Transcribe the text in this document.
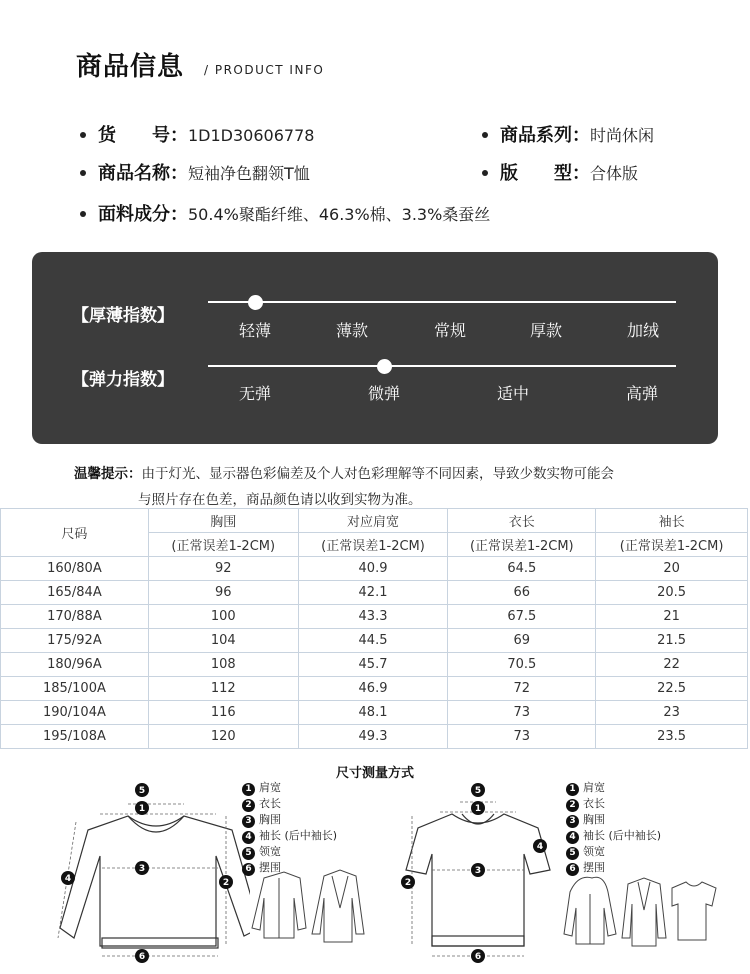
商品信息 / PRODUCT INFO
货　　号：1D1D30606778	商品系列：时尚休闲
商品名称：短袖净色翻领T恤	版　　型：合体版
面料成分：50.4%聚酯纤维、46.3%棉、3.3%桑蚕丝
【厚薄指数】
轻薄	薄款	常规	厚款	加绒
【弹力指数】
无弹	微弹	适中	高弹
温馨提示：由于灯光、显示器色彩偏差及个人对色彩理解等不同因素，导致少数实物可能会
与照片存在色差，商品颜色请以收到实物为准。
尺码	胸围	对应肩宽	衣长	袖长
	(正常误差1-2CM)	(正常误差1-2CM)	(正常误差1-2CM)	(正常误差1-2CM)
160/80A	92	40.9	64.5	20
165/84A	96	42.1	66	20.5
170/88A	100	43.3	67.5	21
175/92A	104	44.5	69	21.5
180/96A	108	45.7	70.5	22
185/100A	112	46.9	72	22.5
190/104A	116	48.1	73	23
195/108A	120	49.3	73	23.5
尺寸测量方式
5
1
3
2
4
6
1 肩宽
2 衣长
3 胸围
4 袖长 (后中袖长)
5 领宽
6 摆围
5
1
3
2
4
6
1 肩宽
2 衣长
3 胸围
4 袖长 (后中袖长)
5 领宽
6 摆围
